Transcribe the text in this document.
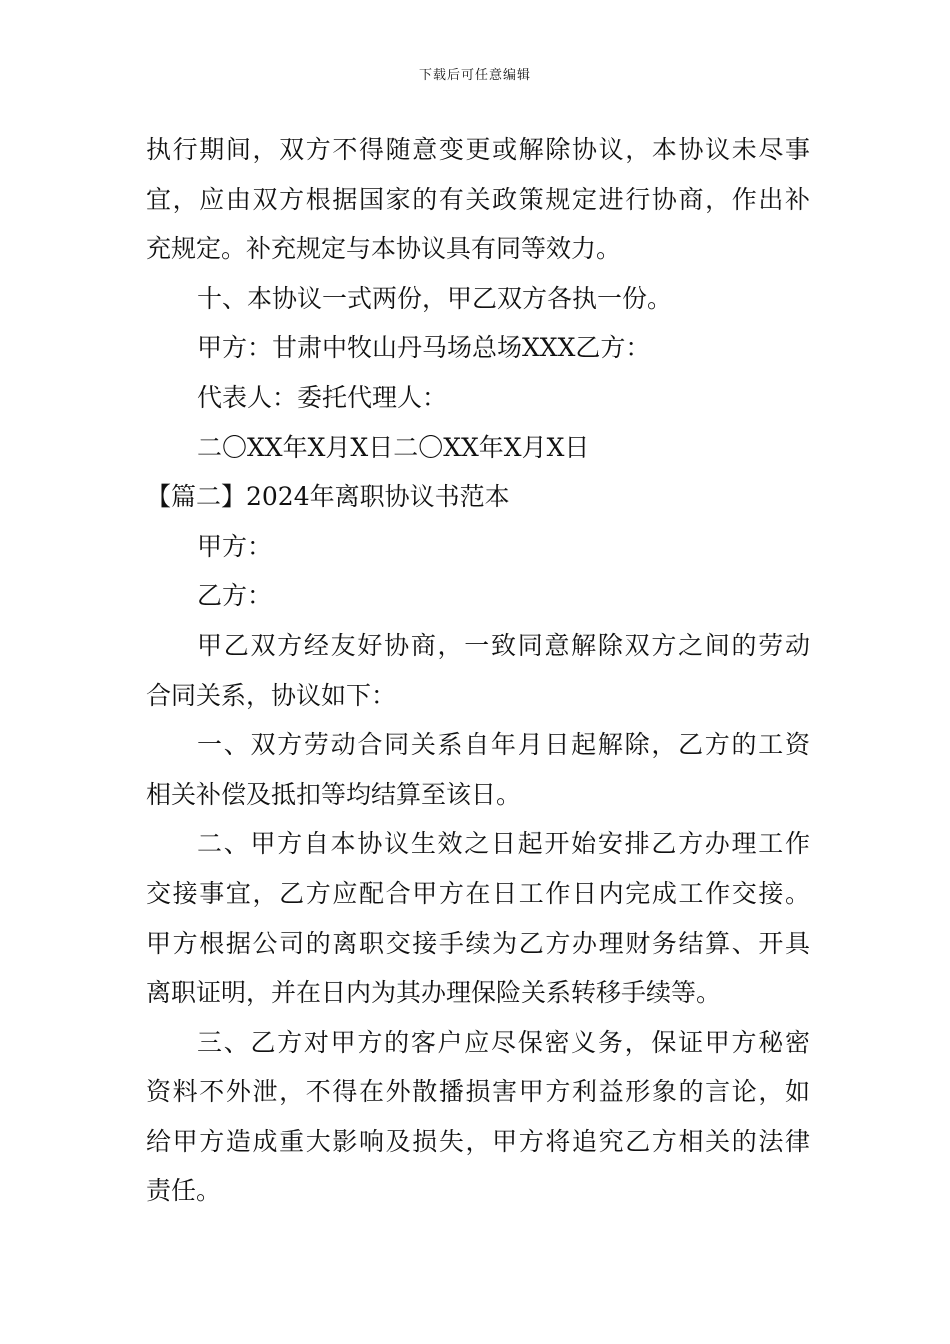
下载后可任意编辑
执行期间，双方不得随意变更或解除协议，本协议未尽事
宜，应由双方根据国家的有关政策规定进行协商，作出补
充规定。补充规定与本协议具有同等效力。
十、本协议一式两份，甲乙双方各执一份。
甲方：甘肃中牧山丹马场总场XXX乙方：
代表人：委托代理人：
二〇XX年X月X日二〇XX年X月X日
【篇二】2024年离职协议书范本
甲方：
乙方：
甲乙双方经友好协商，一致同意解除双方之间的劳动
合同关系，协议如下：
一、双方劳动合同关系自年月日起解除，乙方的工资
相关补偿及抵扣等均结算至该日。
二、甲方自本协议生效之日起开始安排乙方办理工作
交接事宜，乙方应配合甲方在日工作日内完成工作交接。
甲方根据公司的离职交接手续为乙方办理财务结算、开具
离职证明，并在日内为其办理保险关系转移手续等。
三、乙方对甲方的客户应尽保密义务，保证甲方秘密
资料不外泄，不得在外散播损害甲方利益形象的言论，如
给甲方造成重大影响及损失，甲方将追究乙方相关的法律
责任。
